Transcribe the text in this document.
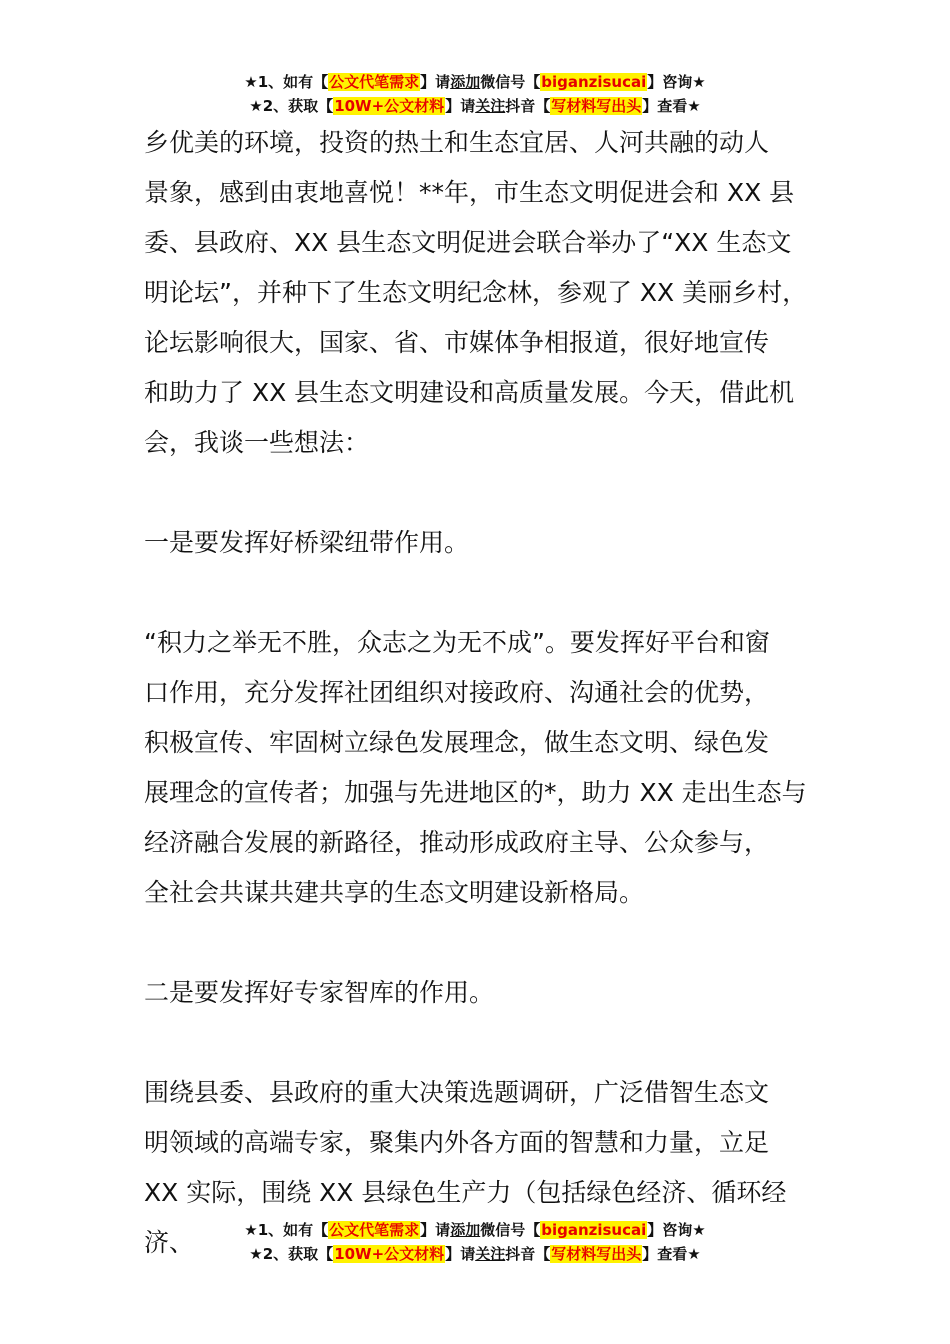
★1、如有【公文代笔需求】请添加微信号【biganzisucai】咨询★
★2、获取【10W+公文材料】请关注抖音【写材料写出头】查看★
乡优美的环境，投资的热土和生态宜居、人河共融的动人
景象，感到由衷地喜悦！**年，市生态文明促进会和 XX 县
委、县政府、XX 县生态文明促进会联合举办了“XX 生态文
明论坛”，并种下了生态文明纪念林，参观了 XX 美丽乡村，
论坛影响很大，国家、省、市媒体争相报道，很好地宣传
和助力了 XX 县生态文明建设和高质量发展。今天，借此机
会，我谈一些想法：
一是要发挥好桥梁纽带作用。
“积力之举无不胜，众志之为无不成”。要发挥好平台和窗
口作用，充分发挥社团组织对接政府、沟通社会的优势，
积极宣传、牢固树立绿色发展理念，做生态文明、绿色发
展理念的宣传者；加强与先进地区的*，助力 XX 走出生态与
经济融合发展的新路径，推动形成政府主导、公众参与，
全社会共谋共建共享的生态文明建设新格局。
二是要发挥好专家智库的作用。
围绕县委、县政府的重大决策选题调研，广泛借智生态文
明领域的高端专家，聚集内外各方面的智慧和力量，立足
XX 实际，围绕 XX 县绿色生产力（包括绿色经济、循环经济、	★1、如有【公文代笔需求】请添加微信号【biganzisucai】咨询★
★2、获取【10W+公文材料】请关注抖音【写材料写出头】查看★
